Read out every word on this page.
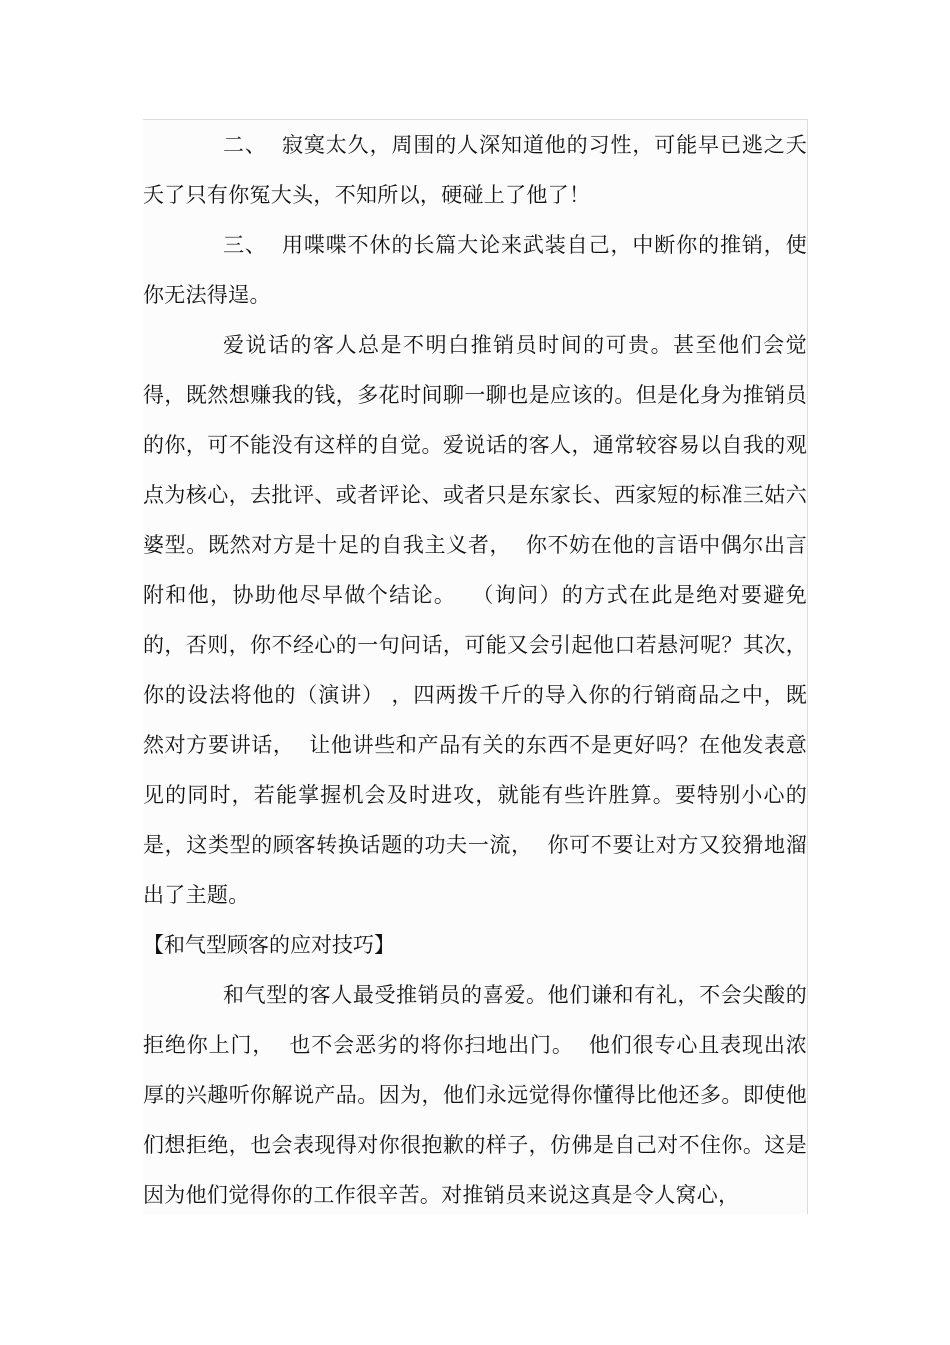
二、  寂寞太久，周围的人深知道他的习性，可能早已逃之夭夭了只有你冤大头，不知所以，硬碰上了他了！

三、  用喋喋不休的长篇大论来武装自己，中断你的推销，使你无法得逞。

爱说话的客人总是不明白推销员时间的可贵。甚至他们会觉得，既然想赚我的钱，多花时间聊一聊也是应该的。但是化身为推销员的你，可不能没有这样的自觉。爱说话的客人，通常较容易以自我的观点为核心，去批评、或者评论、或者只是东家长、西家短的标准三姑六婆型。既然对方是十足的自我主义者，  你不妨在他的言语中偶尔出言附和他，协助他尽早做个结论。  （询问）的方式在此是绝对要避免的，否则，你不经心的一句问话，可能又会引起他口若悬河呢？其次，你的设法将他的（演讲） ，四两拨千斤的导入你的行销商品之中，既然对方要讲话，  让他讲些和产品有关的东西不是更好吗？在他发表意见的同时，若能掌握机会及时进攻，就能有些许胜算。要特别小心的是，这类型的顾客转换话题的功夫一流，  你可不要让对方又狡猾地溜出了主题。

【和气型顾客的应对技巧】

和气型的客人最受推销员的喜爱。他们谦和有礼，不会尖酸的拒绝你上门，  也不会恶劣的将你扫地出门。  他们很专心且表现出浓厚的兴趣听你解说产品。因为，他们永远觉得你懂得比他还多。即使他们想拒绝，也会表现得对你很抱歉的样子，仿佛是自己对不住你。这是因为他们觉得你的工作很辛苦。对推销员来说这真是令人窝心，
